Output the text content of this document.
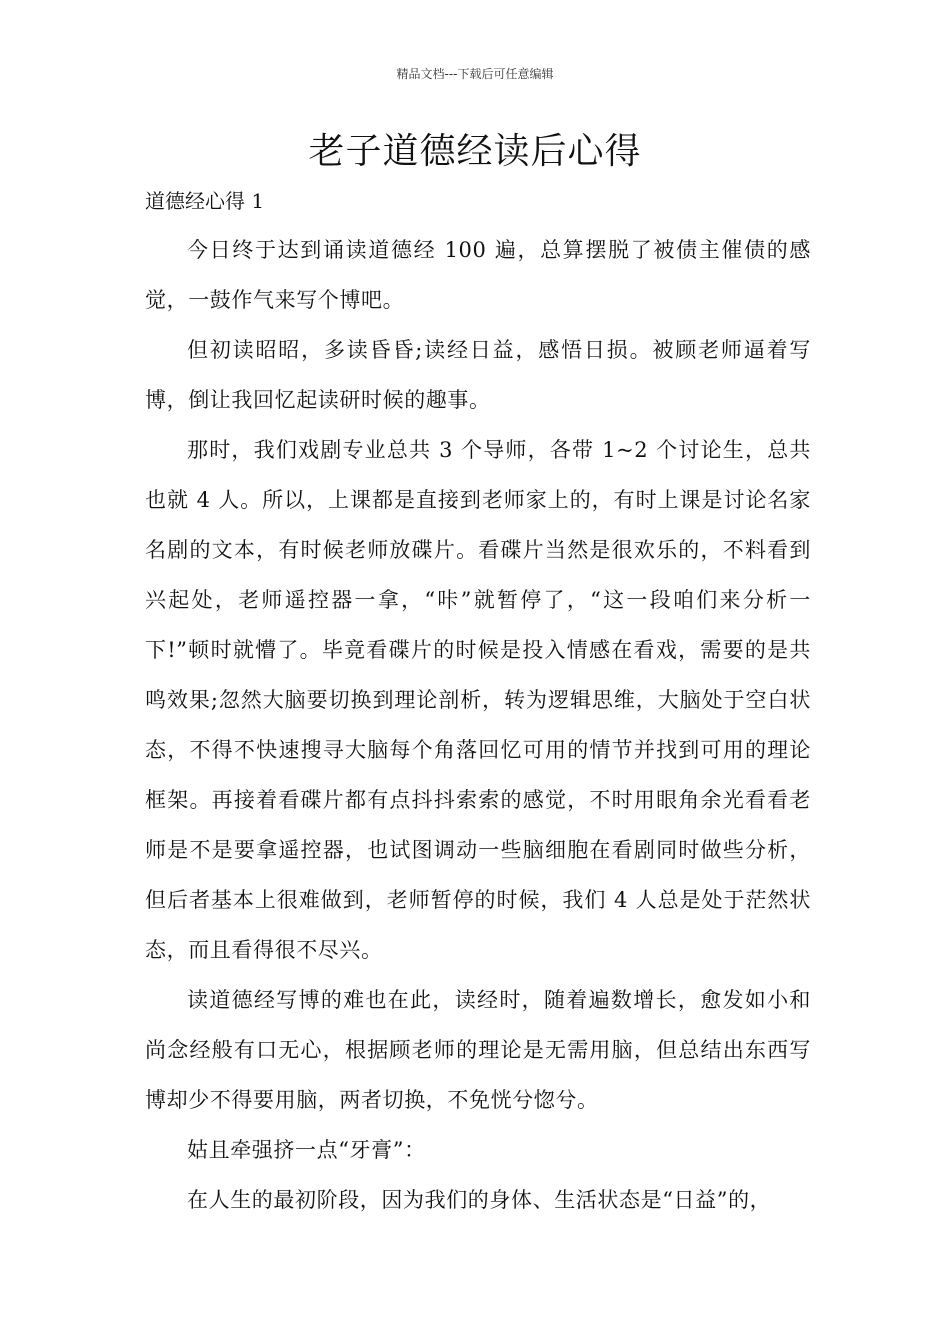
精品文档---下载后可任意编辑
老子道德经读后心得
道德经心得 1

今日终于达到诵读道德经 100 遍，总算摆脱了被债主催债的感觉，一鼓作气来写个博吧。

但初读昭昭，多读昏昏;读经日益，感悟日损。被顾老师逼着写博，倒让我回忆起读研时候的趣事。

那时，我们戏剧专业总共 3 个导师，各带 1~2 个讨论生，总共也就 4 人。所以，上课都是直接到老师家上的，有时上课是讨论名家名剧的文本，有时候老师放碟片。看碟片当然是很欢乐的，不料看到兴起处，老师遥控器一拿，“咔”就暂停了，“这一段咱们来分析一下!”顿时就懵了。毕竟看碟片的时候是投入情感在看戏，需要的是共鸣效果;忽然大脑要切换到理论剖析，转为逻辑思维，大脑处于空白状态，不得不快速搜寻大脑每个角落回忆可用的情节并找到可用的理论框架。再接着看碟片都有点抖抖索索的感觉，不时用眼角余光看看老师是不是要拿遥控器，也试图调动一些脑细胞在看剧同时做些分析，但后者基本上很难做到，老师暂停的时候，我们 4 人总是处于茫然状态，而且看得很不尽兴。

读道德经写博的难也在此，读经时，随着遍数增长，愈发如小和尚念经般有口无心，根据顾老师的理论是无需用脑，但总结出东西写博却少不得要用脑，两者切换，不免恍兮惚兮。

姑且牵强挤一点“牙膏”：

在人生的最初阶段，因为我们的身体、生活状态是“日益”的，
